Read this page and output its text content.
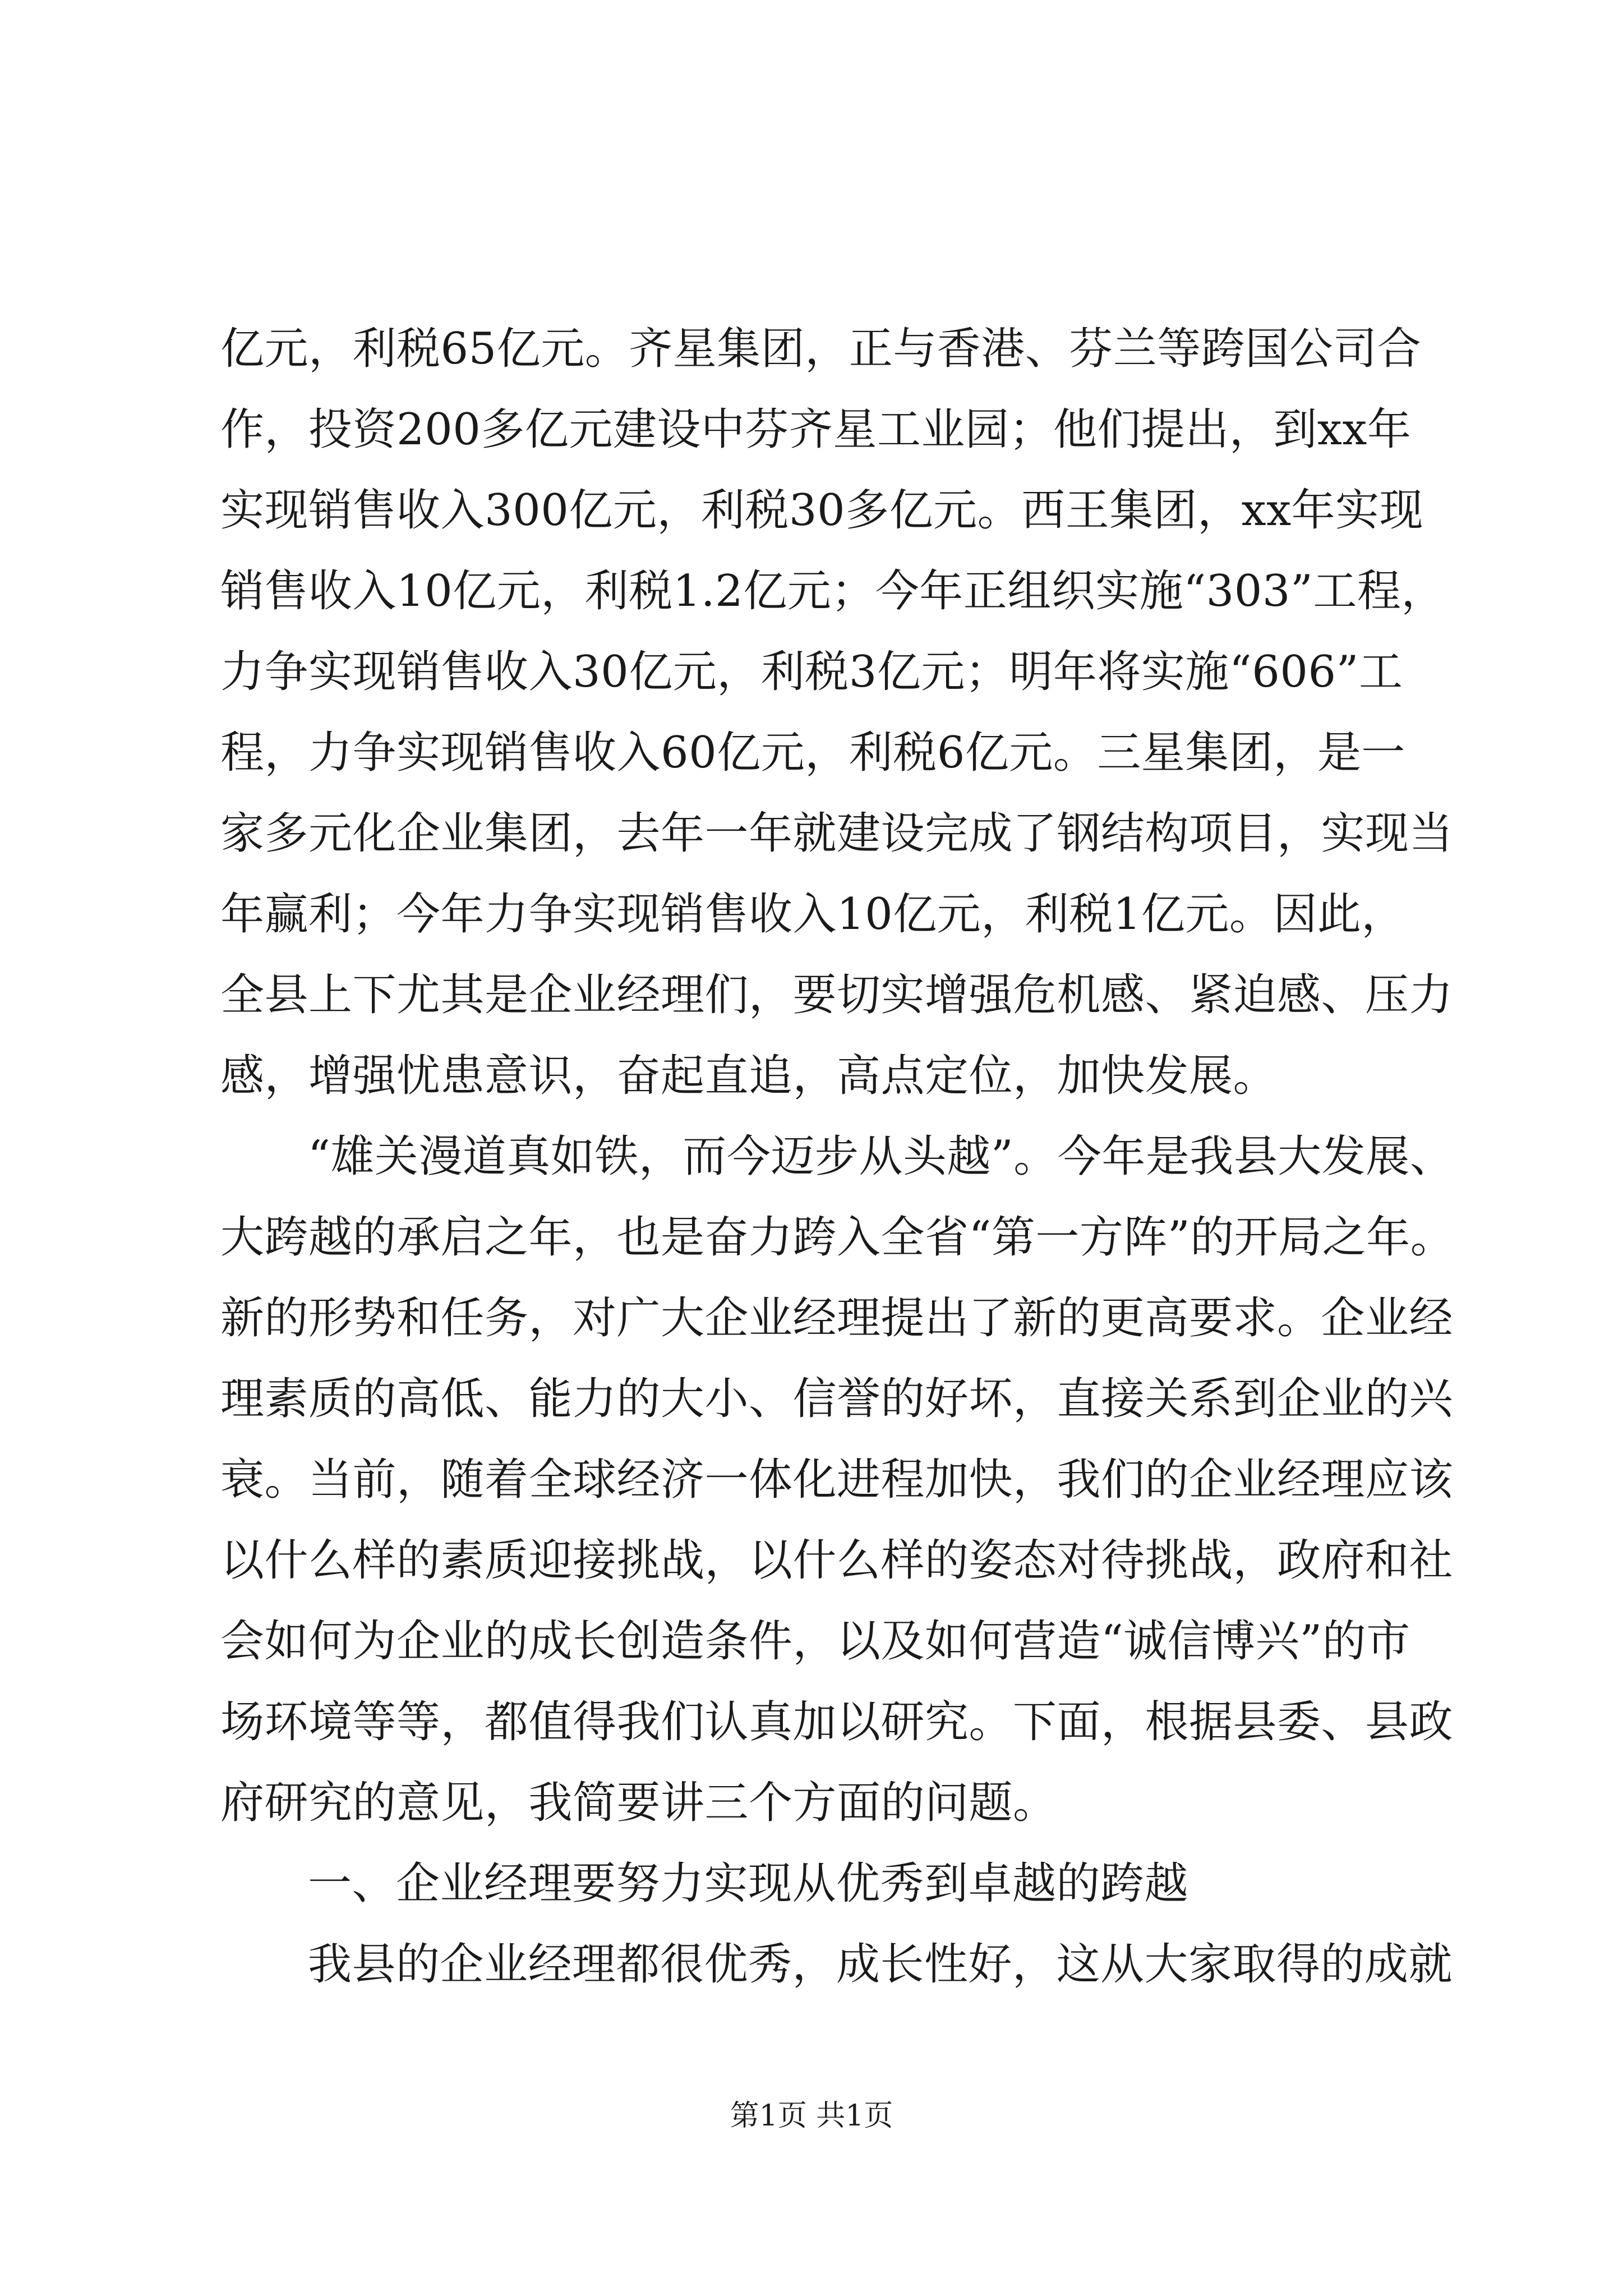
亿元，利税65亿元。齐星集团，正与香港、芬兰等跨国公司合
作，投资200多亿元建设中芬齐星工业园；他们提出，到xx年
实现销售收入300亿元，利税30多亿元。西王集团，xx年实现
销售收入10亿元，利税1.2亿元；今年正组织实施“303”工程，
力争实现销售收入30亿元，利税3亿元；明年将实施“606”工
程，力争实现销售收入60亿元，利税6亿元。三星集团，是一
家多元化企业集团，去年一年就建设完成了钢结构项目，实现当
年赢利；今年力争实现销售收入10亿元，利税1亿元。因此，
全县上下尤其是企业经理们，要切实增强危机感、紧迫感、压力
感，增强忧患意识，奋起直追，高点定位，加快发展。
“雄关漫道真如铁，而今迈步从头越”。今年是我县大发展、
大跨越的承启之年，也是奋力跨入全省“第一方阵”的开局之年。
新的形势和任务，对广大企业经理提出了新的更高要求。企业经
理素质的高低、能力的大小、信誉的好坏，直接关系到企业的兴
衰。当前，随着全球经济一体化进程加快，我们的企业经理应该
以什么样的素质迎接挑战，以什么样的姿态对待挑战，政府和社
会如何为企业的成长创造条件，以及如何营造“诚信博兴”的市
场环境等等，都值得我们认真加以研究。下面，根据县委、县政
府研究的意见，我简要讲三个方面的问题。
一、企业经理要努力实现从优秀到卓越的跨越
我县的企业经理都很优秀，成长性好，这从大家取得的成就
第1页 共1页
